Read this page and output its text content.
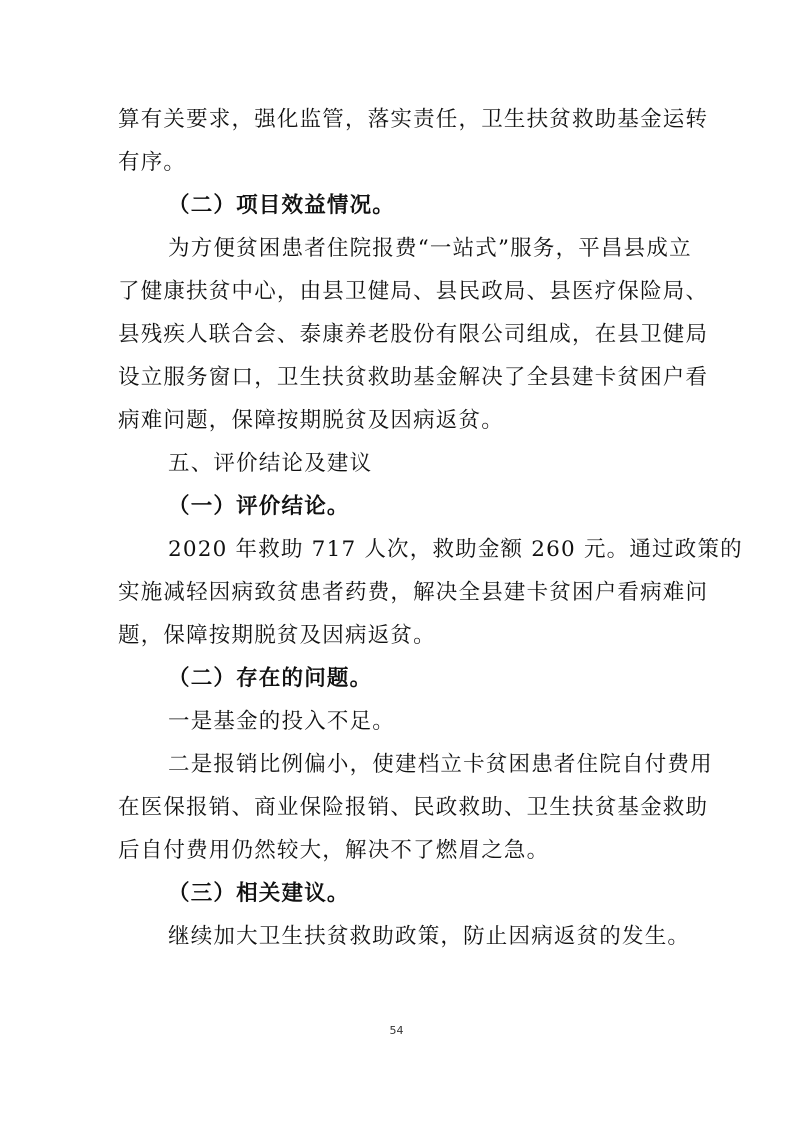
算有关要求，强化监管，落实责任，卫生扶贫救助基金运转
有序。
（二）项目效益情况。
为方便贫困患者住院报费“一站式”服务，平昌县成立
了健康扶贫中心，由县卫健局、县民政局、县医疗保险局、
县残疾人联合会、泰康养老股份有限公司组成，在县卫健局
设立服务窗口，卫生扶贫救助基金解决了全县建卡贫困户看
病难问题，保障按期脱贫及因病返贫。
五、评价结论及建议
（一）评价结论。
2020 年救助 717 人次，救助金额 260 元。通过政策的
实施减轻因病致贫患者药费，解决全县建卡贫困户看病难问
题，保障按期脱贫及因病返贫。
（二）存在的问题。
一是基金的投入不足。
二是报销比例偏小，使建档立卡贫困患者住院自付费用
在医保报销、商业保险报销、民政救助、卫生扶贫基金救助
后自付费用仍然较大，解决不了燃眉之急。
（三）相关建议。
继续加大卫生扶贫救助政策，防止因病返贫的发生。
54
